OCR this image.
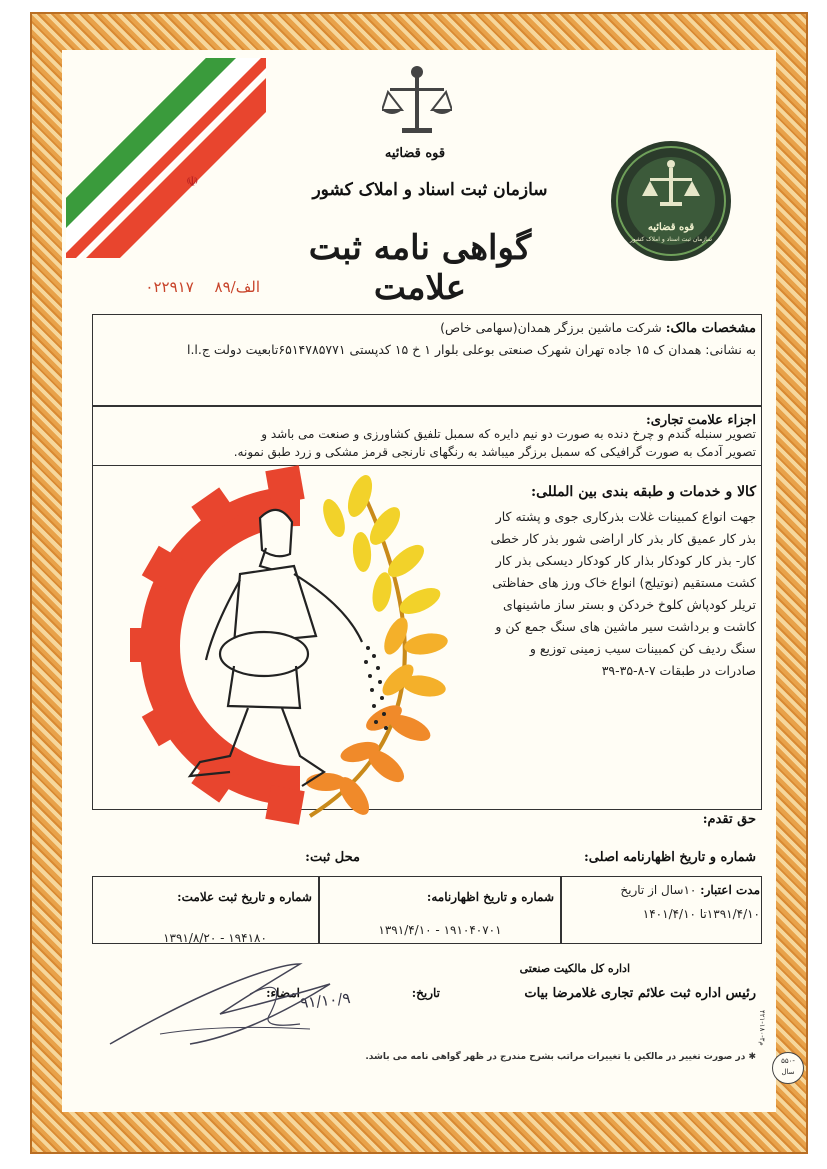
☫
قوه قضائیه
سازمان ثبت اسناد و املاک کشور
گواهی نامه ثبت علامت
الف/۸۹ ۰۲۲۹۱۷
قوه قضائیه
سازمان ثبت اسناد و املاک کشور
مشخصات مالک: شرکت ماشین برزگر همدان(سهامی خاص)
به نشانی: همدان ک ۱۵ جاده تهران شهرک صنعتی بوعلی بلوار ۱ خ ۱۵ کدپستی ۶۵۱۴۷۸۵۷۷۱تابعیت دولت ج.ا.ا
اجزاء علامت تجاری:
تصویر سنبله گندم و چرخ دنده به صورت دو نیم دایره که سمبل تلفیق کشاورزی و صنعت می باشد و
تصویر آدمک به صورت گرافیکی که سمبل برزگر میباشد به رنگهای نارنجی قرمز مشکی و زرد طبق نمونه.
کالا و خدمات و طبقه بندی بین المللی:
جهت انواع کمبینات غلات بذرکاری جوی و پشته کار
بذر کار عمیق کار بذر کار اراضی شور بذر کار خطی
کار- بذر کار کودکار بذار کار کودکار دیسکی بذر کار
کشت مستقیم (نوتیلج) انواع خاک ورز های حفاظتی
تریلر کودپاش کلوخ خردکن و بستر ساز ماشینهای
کاشت و برداشت سیر ماشین های سنگ جمع کن و
سنگ ردیف کن کمبینات سیب زمینی توزیع و
صادرات در طبقات ۷-۸-۳۵-۳۹
حق تقدم:
شماره و تاریخ اظهارنامه اصلی:
محل ثبت:
شماره و تاریخ ثبت علامت:
۱۳۹۱/۸/۲۰ - ۱۹۴۱۸۰
شماره و تاریخ اظهارنامه:
۱۳۹۱/۴/۱۰ - ۱۹۱۰۴۰۷۰۱
مدت اعتبار: ۱۰سال از تاریخ
۱۳۹۱/۴/۱۰تا ۱۴۰۱/۴/۱۰
اداره کل مالکیت صنعتی
رئیس اداره ثبت علائم تجاری غلامرضا بیات
تاریخ:
۹۱/۱۰/۹
امضاء:
✱ در صورت تغییر در مالکین یا تغییرات مراتب بشرح مندرج در ظهر گواهی نامه می باشد.
۴۲۱-۱۸۰-۳م
۵۵۰-
سال
